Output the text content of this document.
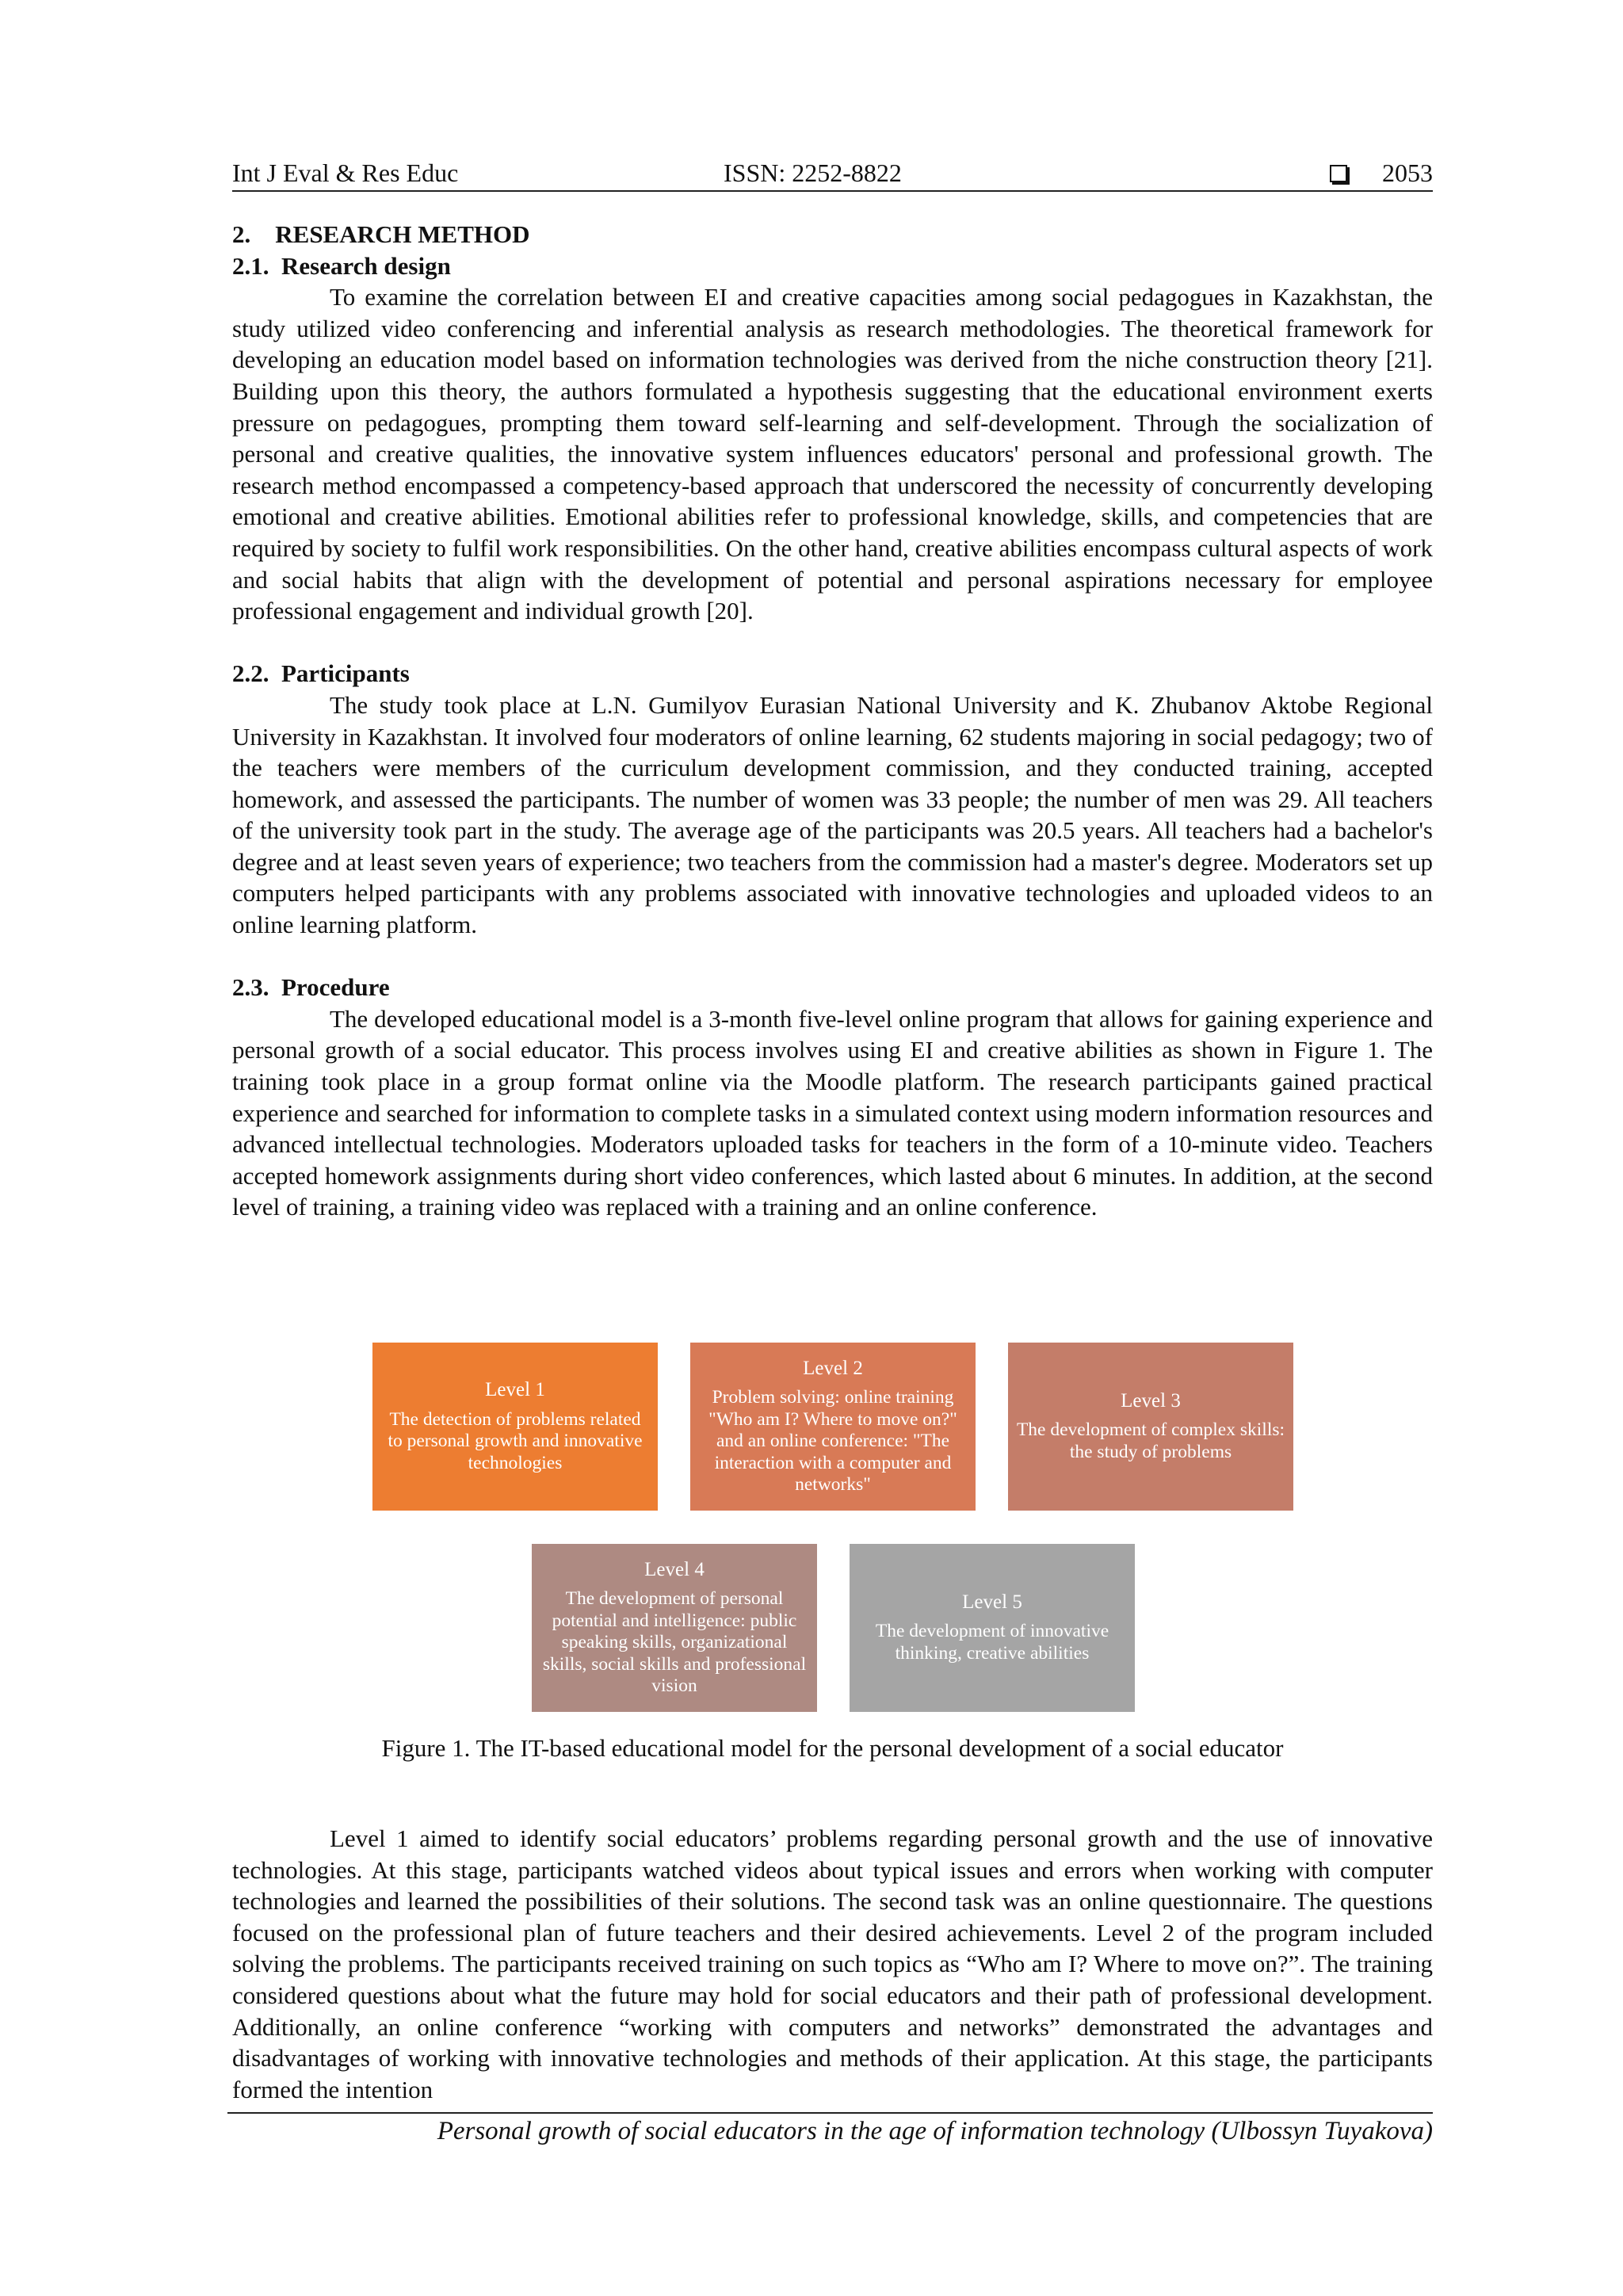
Int J Eval & Res Educ	ISSN: 2252-8822	2053
2.    RESEARCH METHOD
2.1.  Research design

To examine the correlation between EI and creative capacities among social pedagogues in Kazakhstan, the study utilized video conferencing and inferential analysis as research methodologies. The theoretical framework for developing an education model based on information technologies was derived from the niche construction theory [21]. Building upon this theory, the authors formulated a hypothesis suggesting that the educational environment exerts pressure on pedagogues, prompting them toward self-learning and self-development. Through the socialization of personal and creative qualities, the innovative system influences educators' personal and professional growth. The research method encompassed a competency-based approach that underscored the necessity of concurrently developing emotional and creative abilities. Emotional abilities refer to professional knowledge, skills, and competencies that are required by society to fulfil work responsibilities. On the other hand, creative abilities encompass cultural aspects of work and social habits that align with the development of potential and personal aspirations necessary for employee professional engagement and individual growth [20].

2.2.  Participants

The study took place at L.N. Gumilyov Eurasian National University and K. Zhubanov Aktobe Regional University in Kazakhstan. It involved four moderators of online learning, 62 students majoring in social pedagogy; two of the teachers were members of the curriculum development commission, and they conducted training, accepted homework, and assessed the participants. The number of women was 33 people; the number of men was 29. All teachers of the university took part in the study. The average age of the participants was 20.5 years. All teachers had a bachelor's degree and at least seven years of experience; two teachers from the commission had a master's degree. Moderators set up computers helped participants with any problems associated with innovative technologies and uploaded videos to an online learning platform.

2.3.  Procedure

The developed educational model is a 3-month five-level online program that allows for gaining experience and personal growth of a social educator. This process involves using EI and creative abilities as shown in Figure 1. The training took place in a group format online via the Moodle platform. The research participants gained practical experience and searched for information to complete tasks in a simulated context using modern information resources and advanced intellectual technologies. Moderators uploaded tasks for teachers in the form of a 10-minute video. Teachers accepted homework assignments during short video conferences, which lasted about 6 minutes. In addition, at the second level of training, a training video was replaced with a training and an online conference.

Level 1
The detection of problems related to personal growth and innovative technologies
Level 2
Problem solving: online training "Who am I? Where to move on?" and an online conference: "The interaction with a computer and networks"
Level 3
The development of complex skills: the study of problems
Level 4
The development of personal potential and intelligence: public speaking skills, organizational skills, social skills and professional vision
Level 5
The development of innovative thinking, creative abilities
Figure 1. The IT-based educational model for the personal development of a social educator

Level 1 aimed to identify social educators’ problems regarding personal growth and the use of innovative technologies. At this stage, participants watched videos about typical issues and errors when working with computer technologies and learned the possibilities of their solutions. The second task was an online questionnaire. The questions focused on the professional plan of future teachers and their desired achievements. Level 2 of the program included solving the problems. The participants received training on such topics as “Who am I? Where to move on?”. The training considered questions about what the future may hold for social educators and their path of professional development. Additionally, an online conference “working with computers and networks” demonstrated the advantages and disadvantages of working with innovative technologies and methods of their application. At this stage, the participants formed the intention

Personal growth of social educators in the age of information technology (Ulbossyn Tuyakova)
